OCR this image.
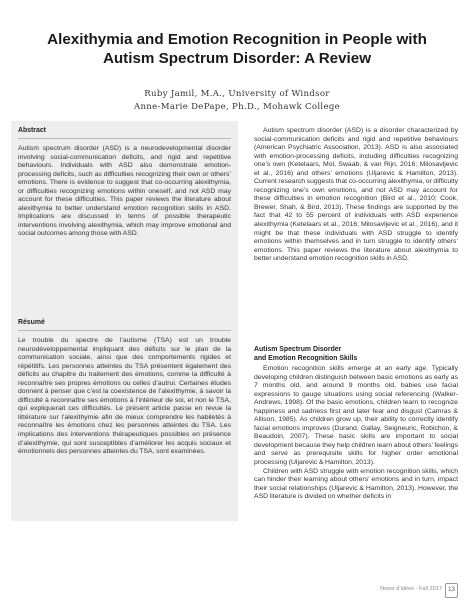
Alexithymia and Emotion Recognition in People with
Autism Spectrum Disorder: A Review
Ruby Jamil, M.A., University of Windsor
Anne-Marie DePape, Ph.D., Mohawk College
Abstract

Autism spectrum disorder (ASD) is a neurodevelopmental disorder involving social-communication deficits, and rigid and repetitive behaviours. Individuals with ASD also demonstrate emotion-processing deficits, such as difficulties recognizing their own or others’ emotions. There is evidence to suggest that co-occurring alexithymia, or difficulties recognizing emotions within oneself, and not ASD may account for these difficulties. This paper reviews the literature about alexithymia to better understand emotion recognition skills in ASD. Implications are discussed in terms of possible therapeutic interventions involving alexithymia, which may improve emotional and social outcomes among those with ASD.

Résumé

Le trouble du spectre de l’autisme (TSA) est un trouble neurodéveloppemental impliquant des déficits sur le plan de la communication sociale, ainsi que des comportements rigides et répétitifs. Les personnes atteintes du TSA présentent également des déficits au chapitre du traitement des émotions, comme la difficulté à reconnaître ses propres émotions ou celles d’autrui. Certaines études donnent à penser que c’est la coexistence de l’alexithymie, à savoir la difficulté à reconnaître ses émotions à l’intérieur de soi, et non le TSA, qui expliquerait ces difficultés. Le présent article passe en revue la littérature sur l’alexithymie afin de mieux comprendre les habiletés à reconnaître les émotions chez les personnes atteintes du TSA. Les implications des interventions thérapeutiques possibles en présence d’alexithymie, qui sont susceptibles d’améliorer les acquis sociaux et émotionnels des personnes atteintes du TSA, sont examinées.

Autism spectrum disorder (ASD) is a disorder characterized by social-communication deficits and rigid and repetitive behaviours (American Psychiatric Association, 2013). ASD is also associated with emotion-processing deficits, including difficulties recognizing one’s own (Ketelaars, Mol, Swaab, & van Rijn, 2016; Milosavljevic et al., 2016) and others’ emotions (Uljarevic & Hamilton, 2013). Current research suggests that co-occurring alexithymia, or difficulty recognizing one’s own emotions, and not ASD may account for these difficulties in emotion recognition (Bird et al., 2010; Cook, Brewer, Shah, & Bird, 2013). These findings are supported by the fact that 42 to 55 percent of individuals with ASD experience alexithymia (Ketelaars et al., 2016; Milosavljevic et al., 2016), and it might be that these individuals with ASD struggle to identify emotions within themselves and in turn struggle to identify others’ emotions. This paper reviews the literature about alexithymia to better understand emotion recognition skills in ASD.

Autism Spectrum Disorder
and Emotion Recognition Skills

Emotion recognition skills emerge at an early age. Typically developing children distinguish between basic emotions as early as 7 months old, and around 9 months old, babies use facial expressions to gauge situations using social referencing (Walker-Andrews, 1998). Of the basic emotions, children learn to recognize happiness and sadness first and later fear and disgust (Camras & Allison, 1985). As children grow up, their ability to correctly identify facial emotions improves (Durand, Gallay, Seigneuric, Robichon, & Beaudoin, 2007). These basic skills are important to social development because they help children learn about others’ feelings and serve as prerequisite skills for higher order emotional processing (Uljarevic & Hamilton, 2013).

Children with ASD struggle with emotion recognition skills, which can hinder their learning about others’ emotions and in turn, impact their social relationships (Uljarevic & Hamilton, 2013). However, the ASD literature is divided on whether deficits in

Notes d’idées · Fall 2017	13
